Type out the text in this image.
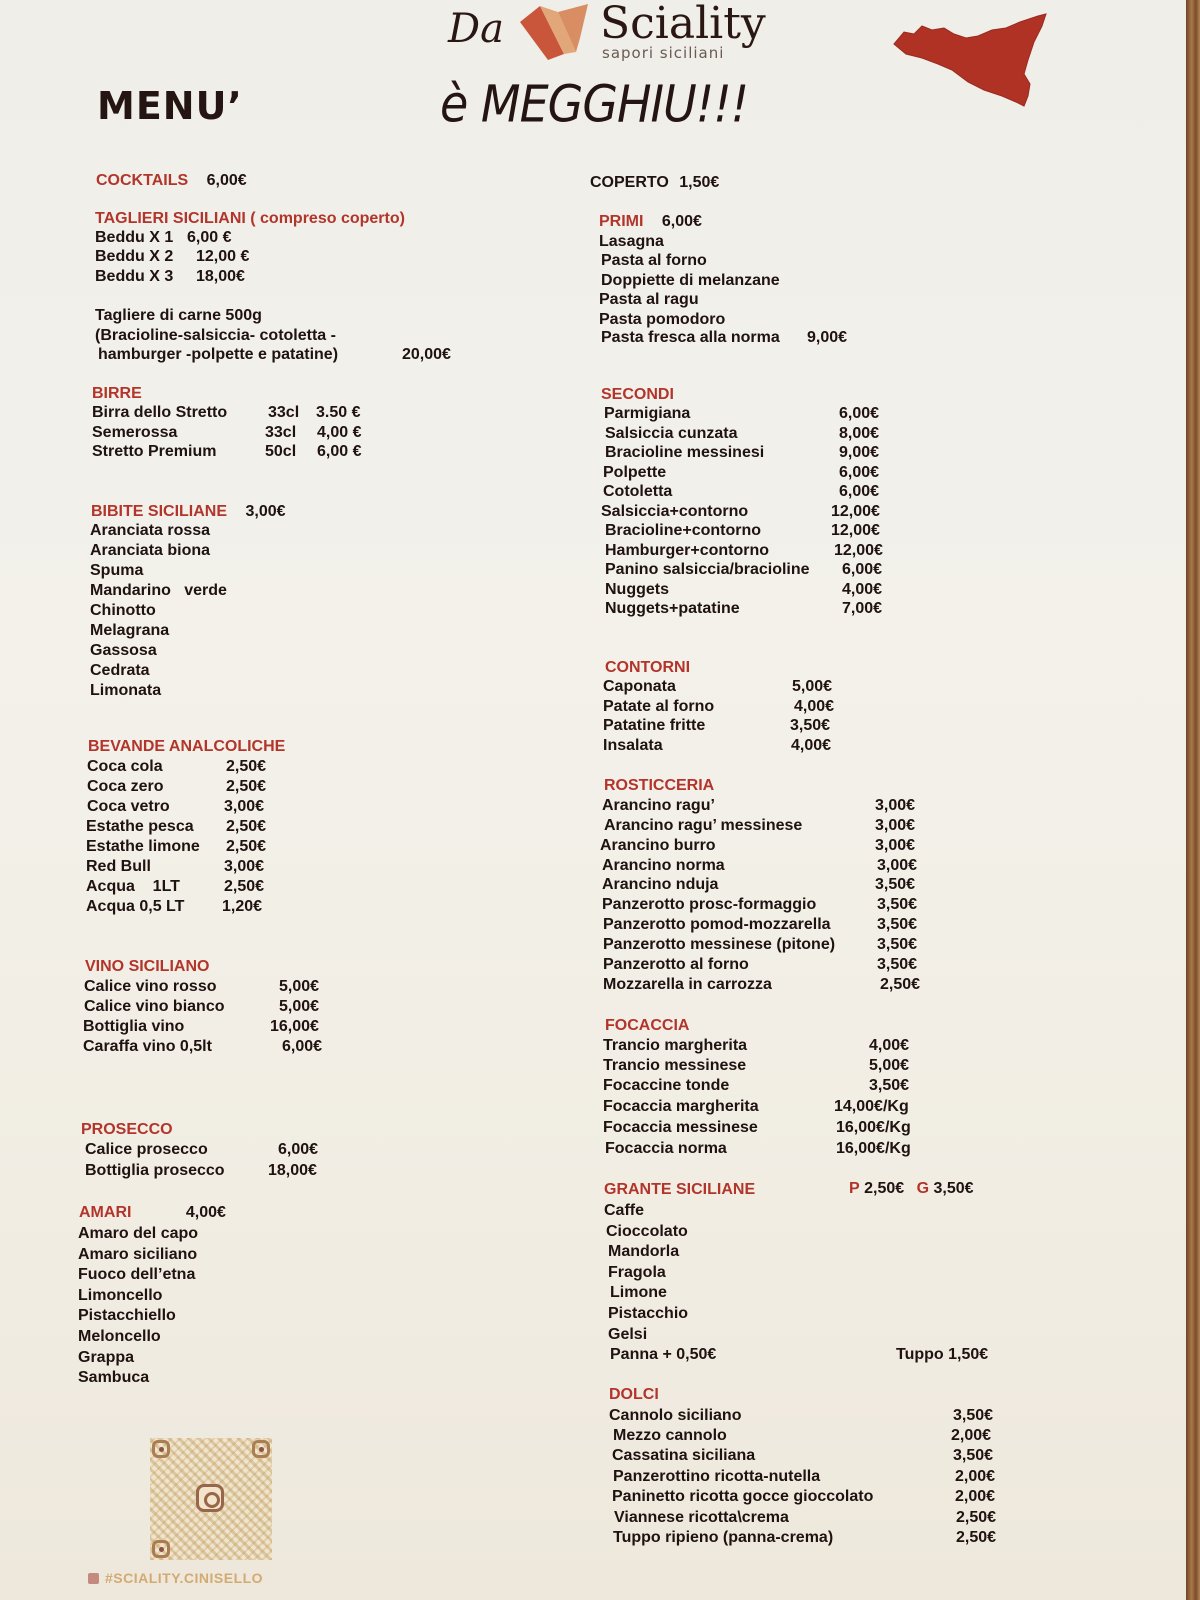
MENU’
Da Sciality
sapori siciliani
è MEGGHIU!!!
COCKTAILS 6,00€
TAGLIERI SICILIANI ( compreso coperto)
Beddu X 1 6,00 €
Beddu X 2 12,00 €
Beddu X 3 18,00€
Tagliere di carne 500g
(Bracioline-salsiccia- cotoletta -
hamburger -polpette e patatine)	20,00€
BIRRE
Birra dello Stretto	33cl 3.50 €
Semerossa	33cl 4,00 €
Stretto Premium	50cl 6,00 €
BIBITE SICILIANE 3,00€
Aranciata rossa
Aranciata biona
Spuma
Mandarino   verde
Chinotto
Melagrana
Gassosa
Cedrata
Limonata
BEVANDE ANALCOLICHE
Coca cola	2,50€
Coca zero	2,50€
Coca vetro	3,00€
Estathe pesca 2,50€
Estathe limone 2,50€
Red Bull	3,00€
Acqua    1LT	2,50€
Acqua 0,5 LT 1,20€
VINO SICILIANO
Calice vino rosso	5,00€
Calice vino bianco	5,00€
Bottiglia vino	16,00€
Caraffa vino 0,5lt	6,00€
PROSECCO
Calice prosecco	6,00€
Bottiglia prosecco	18,00€
AMARI	4,00€
Amaro del capo
Amaro siciliano
Fuoco dell’etna
Limoncello
Pistacchiello
Meloncello
Grappa
Sambuca
#SCIALITY.CINISELLO
COPERTO 1,50€
PRIMI 6,00€
Lasagna
Pasta al forno
Doppiette di melanzane
Pasta al ragu
Pasta pomodoro
Pasta fresca alla norma 9,00€
SECONDI
Parmigiana	6,00€
Salsiccia cunzata	8,00€
Bracioline messinesi	9,00€
Polpette	6,00€
Cotoletta	6,00€
Salsiccia+contorno	12,00€
Bracioline+contorno	12,00€
Hamburger+contorno	12,00€
Panino salsiccia/bracioline 6,00€
Nuggets	4,00€
Nuggets+patatine	7,00€
CONTORNI
Caponata	5,00€
Patate al forno	4,00€
Patatine fritte	3,50€
Insalata	4,00€
ROSTICCERIA
Arancino ragu’	3,00€
Arancino ragu’ messinese	3,00€
Arancino burro	3,00€
Arancino norma	3,00€
Arancino nduja	3,50€
Panzerotto prosc-formaggio	3,50€
Panzerotto pomod-mozzarella	3,50€
Panzerotto messinese (pitone)	3,50€
Panzerotto al forno	3,50€
Mozzarella in carrozza	2,50€
FOCACCIA
Trancio margherita	4,00€
Trancio messinese	5,00€
Focaccine tonde	3,50€
Focaccia margherita	14,00€/Kg
Focaccia messinese	16,00€/Kg
Focaccia norma	16,00€/Kg
GRANTE SICILIANE	P 2,50€ G 3,50€
Caffe
Cioccolato
Mandorla
Fragola
Limone
Pistacchio
Gelsi
Panna + 0,50€	Tuppo 1,50€
DOLCI
Cannolo siciliano	3,50€
Mezzo cannolo	2,00€
Cassatina siciliana	3,50€
Panzerottino ricotta-nutella	2,00€
Paninetto ricotta gocce gioccolato	2,00€
Viannese ricotta\crema	2,50€
Tuppo ripieno (panna-crema)	2,50€
